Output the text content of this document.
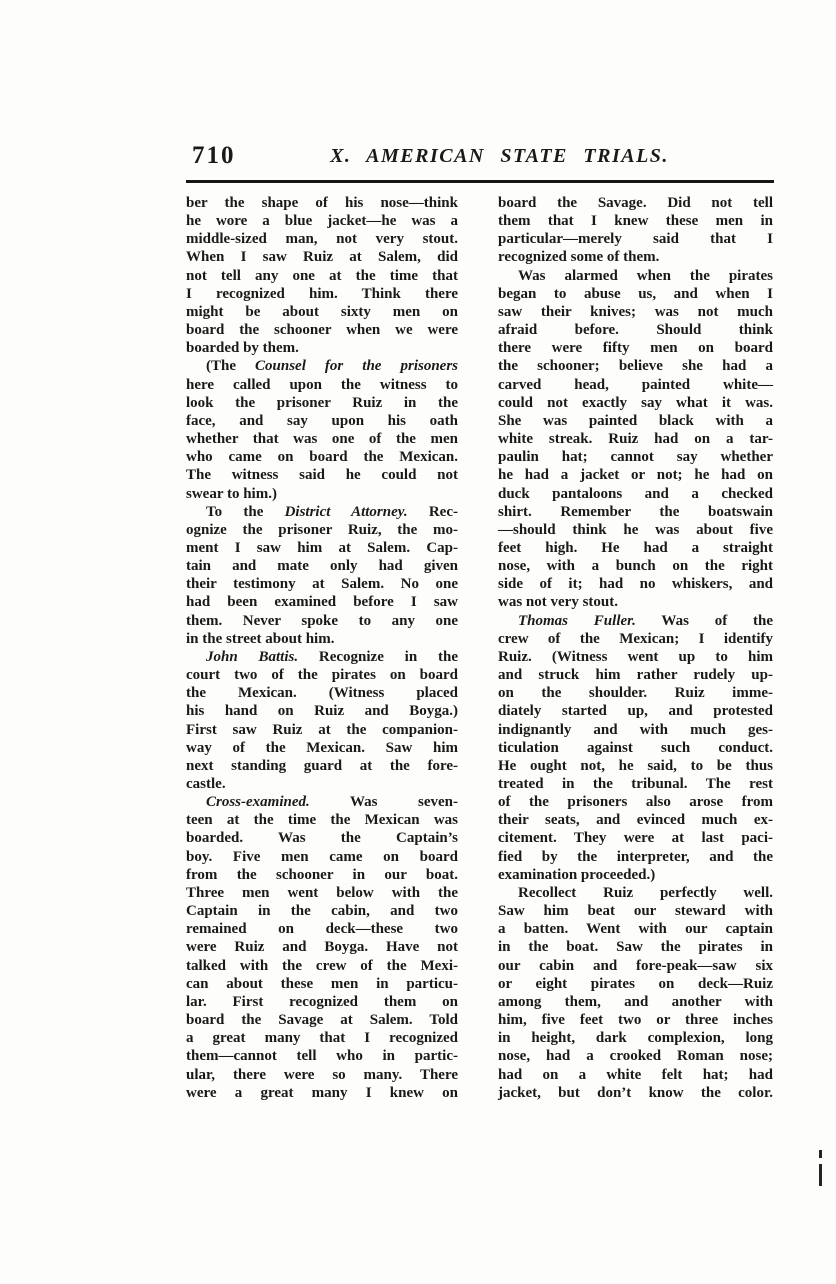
710	X. AMERICAN STATE TRIALS.
ber the shape of his nose—think
he wore a blue jacket—he was a
middle-sized man, not very stout.
When I saw Ruiz at Salem, did
not tell any one at the time that
I recognized him. Think there
might be about sixty men on
board the schooner when we were
boarded by them.
(The Counsel for the prisoners
here called upon the witness to
look the prisoner Ruiz in the
face, and say upon his oath
whether that was one of the men
who came on board the Mexican.
The witness said he could not
swear to him.)
To the District Attorney. Rec-
ognize the prisoner Ruiz, the mo-
ment I saw him at Salem. Cap-
tain and mate only had given
their testimony at Salem. No one
had been examined before I saw
them. Never spoke to any one
in the street about him.
John Battis. Recognize in the
court two of the pirates on board
the Mexican. (Witness placed
his hand on Ruiz and Boyga.)
First saw Ruiz at the companion-
way of the Mexican. Saw him
next standing guard at the fore-
castle.
Cross-examined. Was seven-
teen at the time the Mexican was
boarded. Was the Captain’s
boy. Five men came on board
from the schooner in our boat.
Three men went below with the
Captain in the cabin, and two
remained on deck—these two
were Ruiz and Boyga. Have not
talked with the crew of the Mexi-
can about these men in particu-
lar. First recognized them on
board the Savage at Salem. Told
a great many that I recognized
them—cannot tell who in partic-
ular, there were so many. There
were a great many I knew on
board the Savage. Did not tell
them that I knew these men in
particular—merely said that I
recognized some of them.
Was alarmed when the pirates
began to abuse us, and when I
saw their knives; was not much
afraid before. Should think
there were fifty men on board
the schooner; believe she had a
carved head, painted white—
could not exactly say what it was.
She was painted black with a
white streak. Ruiz had on a tar-
paulin hat; cannot say whether
he had a jacket or not; he had on
duck pantaloons and a checked
shirt. Remember the boatswain
—should think he was about five
feet high. He had a straight
nose, with a bunch on the right
side of it; had no whiskers, and
was not very stout.
Thomas Fuller. Was of the
crew of the Mexican; I identify
Ruiz. (Witness went up to him
and struck him rather rudely up-
on the shoulder. Ruiz imme-
diately started up, and protested
indignantly and with much ges-
ticulation against such conduct.
He ought not, he said, to be thus
treated in the tribunal. The rest
of the prisoners also arose from
their seats, and evinced much ex-
citement. They were at last paci-
fied by the interpreter, and the
examination proceeded.)
Recollect Ruiz perfectly well.
Saw him beat our steward with
a batten. Went with our captain
in the boat. Saw the pirates in
our cabin and fore-peak—saw six
or eight pirates on deck—Ruiz
among them, and another with
him, five feet two or three inches
in height, dark complexion, long
nose, had a crooked Roman nose;
had on a white felt hat; had
jacket, but don’t know the color.
